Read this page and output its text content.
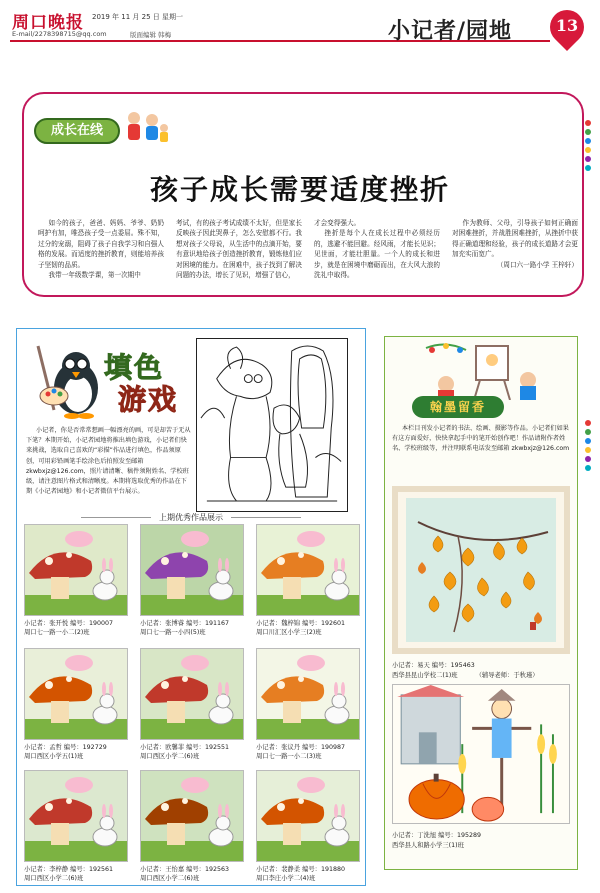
周口晚报 2019 年 11 月 25 日 星期一
E-mail/2278398715@qq.com	版面编辑 韩梅	小记者/园地	13
成长在线
孩子成长需要适度挫折

如今的孩子，爸爸、妈妈、爷爷、奶奶呵护有加，唯恐孩子受一点委屈。殊不知，过分的宠溺，阻碍了孩子自我学习和自强人格的发展。而适度的挫折教育，则能培养孩子坚韧的品质。

我带一年级数学课，第一次期中

考试，有的孩子考试成绩不太好，但是家长反映孩子因此哭鼻子，怎么安慰都不行。我想对孩子父母说，从生活中的点滴开始，要有意识地给孩子创造挫折教育，锻炼他们应对困境的能力。在困难中，孩子找到了解决问题的办法，增长了见识，增强了信心，

才会变得强大。

挫折是每个人在成长过程中必须经历的，逃避不能回避。经风雨，才能长见识；见世面，才能壮胆量。一个人的成长和进步，就是在困境中磨砺而出，在大风大浪的洗礼中取得。

作为教师、父母，引导孩子如何正确面对困难挫折，并战胜困难挫折，从挫折中获得正确道理和经验，孩子的成长道路才会更加充实而宽广。

（周口六一路小学 王梓轩）

填色
游戏
小记者，你是否常常想画一幅漂亮的画，可是却苦于无从下笔？本期开始，小记者园地将推出填色游戏，小记者们快来挑战，选取自己喜欢的“彩描”作品进行填色，作品须原创，可用彩铅画笔手绘涂色后拍照发至邮箱 zkwbxjz@126.com，照片请清晰、稿件须附姓名、学校班级，请注意图片格式和清晰度。本期将选取优秀的作品在下期《小记者园地》和小记者微信平台展示。
上期优秀作品展示
小记者：张开悦 编号：190007
周口七一路一小二(2)班
小记者：张博睿 编号：191167
周口七一路一小四(5)班
小记者：魏梓锦 编号：192601
周口川汇区小学三(2)班
小记者：孟哲 编号：192729
周口西区小学五(1)班
小记者：欧馨菲 编号：192551
周口西区小学二(6)班
小记者：张议丹 编号：190987
周口七一路一小二(3)班
小记者：李梓静 编号：192561
周口西区小学二(6)班
小记者：王怡嘉 编号：192563
周口西区小学二(6)班
小记者：裴静柔 编号：191880
周口李庄小学二(4)班
翰墨留香
本栏目刊发小记者的书法、绘画、摄影等作品。小记者们如果有这方面爱好，快快拿起手中的笔开始创作吧！作品请附作者姓名、学校班级等，并注明联系电话发至邮箱 zkwbxjz@126.com
小记者：易天 编号：195463
西华县昆山学校二(1)班	（辅导老师：于秋瑾）
小记者：丁洗旭 编号：195289
西华县人和路小学三(1)班
